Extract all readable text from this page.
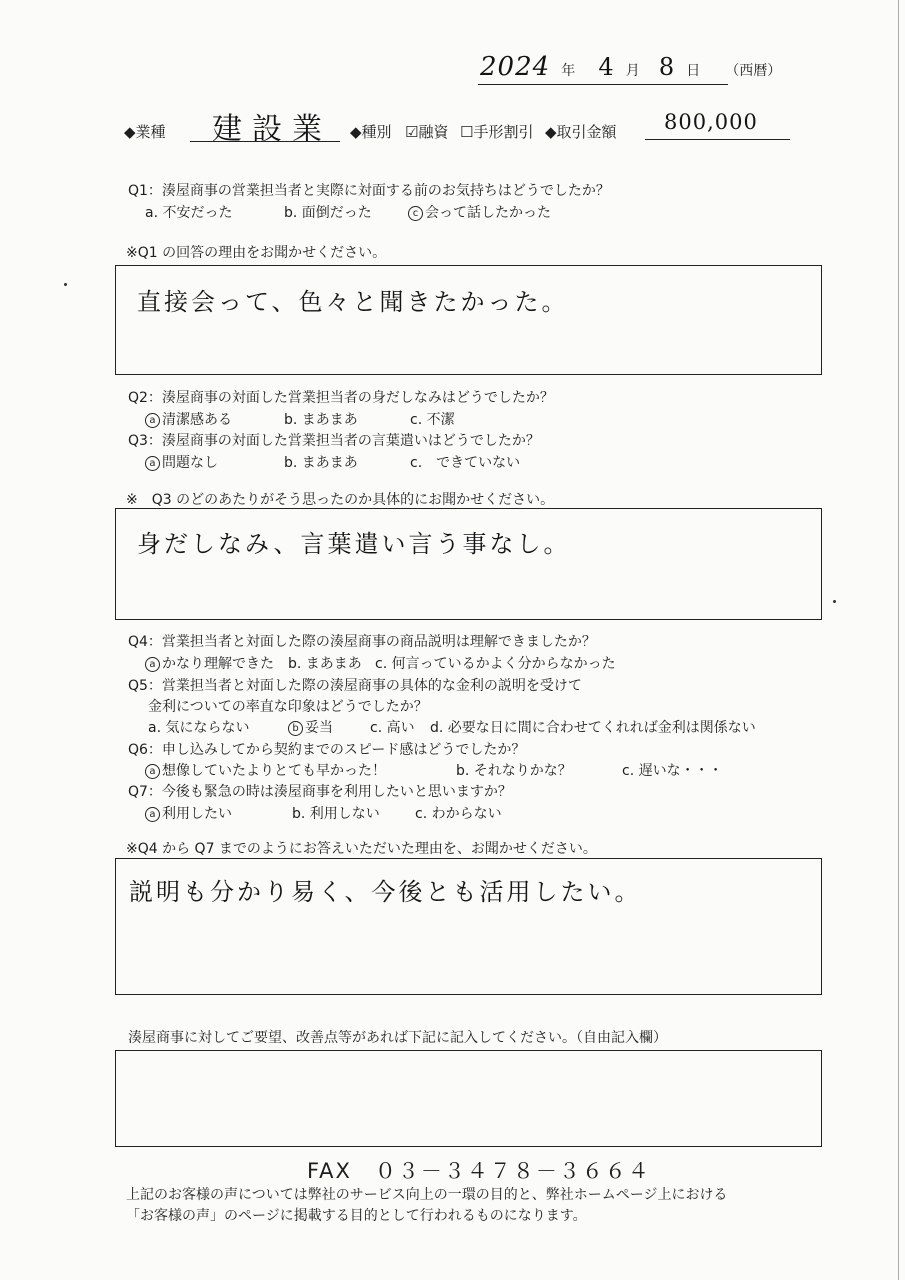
2024 年 4 月 8 日 （西暦）
◆業種 建設業 ◆種別 ☑融資 ☐手形割引 ◆取引金額 800,000
Q1：湊屋商事の営業担当者と実際に対面する前のお気持ちはどうでしたか？
a. 不安だった	b. 面倒だった	c 会って話したかった
※Q1 の回答の理由をお聞かせください。
直接会って、色々と聞きたかった。
Q2：湊屋商事の対面した営業担当者の身だしなみはどうでしたか？
a 清潔感ある	b. まあまあ	c. 不潔
Q3：湊屋商事の対面した営業担当者の言葉遣いはどうでしたか？
a 問題なし	b. まあまあ	c.　できていない
※　Q3 のどのあたりがそう思ったのか具体的にお聞かせください。
身だしなみ、言葉遣い言う事なし。
Q4：営業担当者と対面した際の湊屋商事の商品説明は理解できましたか？
a かなり理解できた b. まあまあ c. 何言っているかよく分からなかった
Q5：営業担当者と対面した際の湊屋商事の具体的な金利の説明を受けて
金利についての率直な印象はどうでしたか？
a. 気にならない	b 妥当	c. 高い d. 必要な日に間に合わせてくれれば金利は関係ない
Q6：申し込みしてから契約までのスピード感はどうでしたか？
a 想像していたよりとても早かった！	b. それなりかな？	c. 遅いな・・・
Q7：今後も緊急の時は湊屋商事を利用したいと思いますか？
a 利用したい	b. 利用しない	c. わからない
※Q4 から Q7 までのようにお答えいただいた理由を、お聞かせください。
説明も分かり易く、今後とも活用したい。
湊屋商事に対してご要望、改善点等があれば下記に記入してください。（自由記入欄）
FAX　０３－３４７８－３６６４
上記のお客様の声については弊社のサービス向上の一環の目的と、弊社ホームページ上における
「お客様の声」のページに掲載する目的として行われるものになります。
